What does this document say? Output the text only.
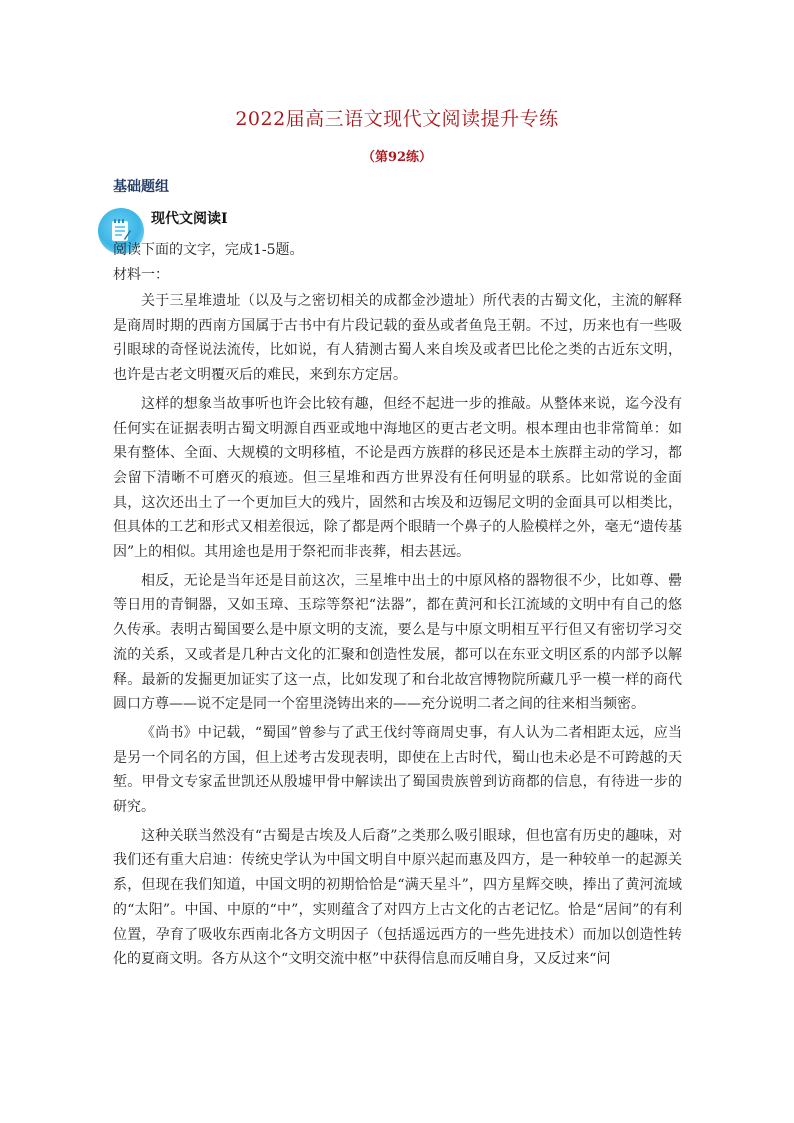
2022届高三语文现代文阅读提升专练
（第92练）
基础题组
现代文阅读Ⅰ
阅读下面的文字，完成1-5题。
材料一：

关于三星堆遗址（以及与之密切相关的成都金沙遗址）所代表的古蜀文化，主流的解释是商周时期的西南方国属于古书中有片段记载的蚕丛或者鱼凫王朝。不过，历来也有一些吸引眼球的奇怪说法流传，比如说，有人猜测古蜀人来自埃及或者巴比伦之类的古近东文明，也许是古老文明覆灭后的难民，来到东方定居。

这样的想象当故事听也许会比较有趣，但经不起进一步的推敲。从整体来说，迄今没有任何实在证据表明古蜀文明源自西亚或地中海地区的更古老文明。根本理由也非常简单：如果有整体、全面、大规模的文明移植，不论是西方族群的移民还是本土族群主动的学习，都会留下清晰不可磨灭的痕迹。但三星堆和西方世界没有任何明显的联系。比如常说的金面具，这次还出土了一个更加巨大的残片，固然和古埃及和迈锡尼文明的金面具可以相类比，但具体的工艺和形式又相差很远，除了都是两个眼睛一个鼻子的人脸模样之外，毫无“遗传基因”上的相似。其用途也是用于祭祀而非丧葬，相去甚远。

相反，无论是当年还是目前这次，三星堆中出土的中原风格的器物很不少，比如尊、罍等日用的青铜器，又如玉璋、玉琮等祭祀“法器”，都在黄河和长江流域的文明中有自己的悠久传承。表明古蜀国要么是中原文明的支流，要么是与中原文明相互平行但又有密切学习交流的关系，又或者是几种古文化的汇聚和创造性发展，都可以在东亚文明区系的内部予以解释。最新的发掘更加证实了这一点，比如发现了和台北故宫博物院所藏几乎一模一样的商代圆口方尊——说不定是同一个窑里浇铸出来的——充分说明二者之间的往来相当频密。

《尚书》中记载，“蜀国”曾参与了武王伐纣等商周史事，有人认为二者相距太远，应当是另一个同名的方国，但上述考古发现表明，即使在上古时代，蜀山也未必是不可跨越的天堑。甲骨文专家孟世凯还从殷墟甲骨中解读出了蜀国贵族曾到访商都的信息，有待进一步的研究。

这种关联当然没有“古蜀是古埃及人后裔”之类那么吸引眼球，但也富有历史的趣味，对我们还有重大启迪：传统史学认为中国文明自中原兴起而惠及四方，是一种较单一的起源关系，但现在我们知道，中国文明的初期恰恰是“满天星斗”，四方星辉交映，捧出了黄河流域的“太阳”。中国、中原的“中”，实则蕴含了对四方上古文化的古老记忆。恰是“居间”的有利位置，孕育了吸收东西南北各方文明因子（包括遥远西方的一些先进技术）而加以创造性转化的夏商文明。各方从这个“文明交流中枢”中获得信息而反哺自身，又反过来“问
